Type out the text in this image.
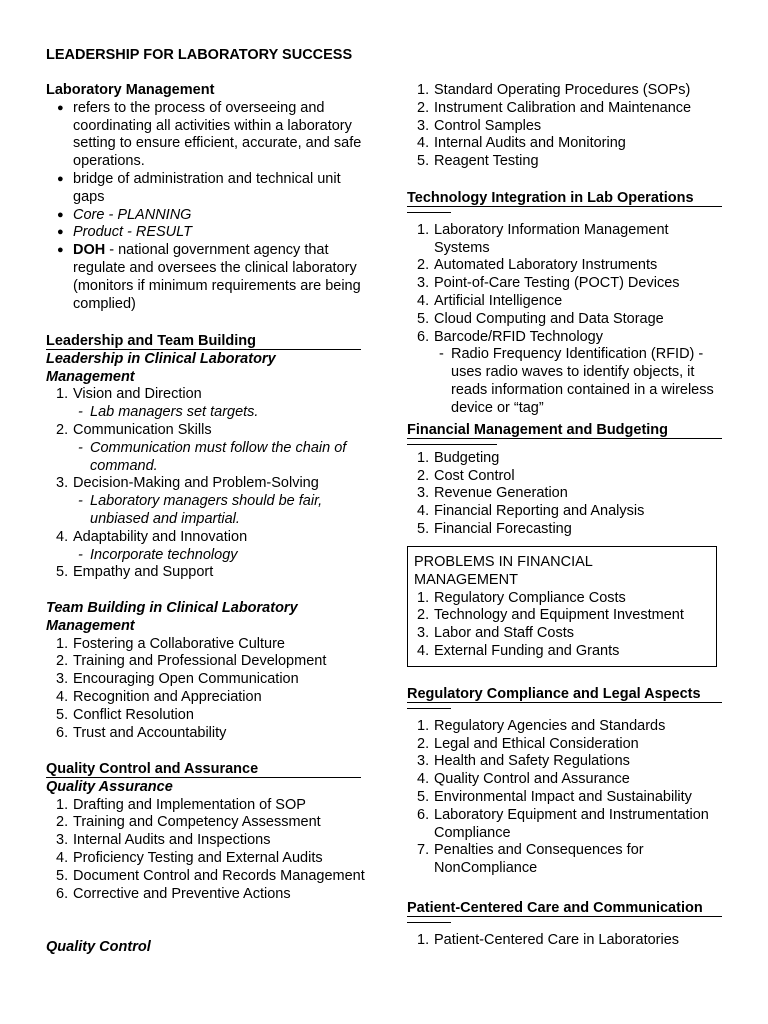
LEADERSHIP FOR LABORATORY SUCCESS
Laboratory Management
● refers to the process of overseeing and coordinating all activities within a laboratory setting to ensure efficient, accurate, and safe operations.
● bridge of administration and technical unit gaps
● Core - PLANNING
● Product - RESULT
● DOH - national government agency that regulate and oversees the clinical laboratory (monitors if minimum requirements are being complied)
Leadership and Team Building
Leadership in Clinical Laboratory Management
1. Vision and Direction
- Lab managers set targets.
2. Communication Skills
- Communication must follow the chain of command.
3. Decision-Making and Problem-Solving
- Laboratory managers should be fair, unbiased and impartial.
4. Adaptability and Innovation
- Incorporate technology
5. Empathy and Support
Team Building in Clinical Laboratory Management
1. Fostering a Collaborative Culture
2. Training and Professional Development
3. Encouraging Open Communication
4. Recognition and Appreciation
5. Conflict Resolution
6. Trust and Accountability
Quality Control and Assurance
Quality Assurance
1. Drafting and Implementation of SOP
2. Training and Competency Assessment
3. Internal Audits and Inspections
4. Proficiency Testing and External Audits
5. Document Control and Records Management
6. Corrective and Preventive Actions
Quality Control
1. Standard Operating Procedures (SOPs)
2. Instrument Calibration and Maintenance
3. Control Samples
4. Internal Audits and Monitoring
5. Reagent Testing
Technology Integration in Lab Operations
1. Laboratory Information Management Systems
2. Automated Laboratory Instruments
3. Point-of-Care Testing (POCT) Devices
4. Artificial Intelligence
5. Cloud Computing and Data Storage
6. Barcode/RFID Technology
- Radio Frequency Identification (RFID) - uses radio waves to identify objects, it reads information contained in a wireless device or “tag”
Financial Management and Budgeting
1. Budgeting
2. Cost Control
3. Revenue Generation
4. Financial Reporting and Analysis
5. Financial Forecasting
PROBLEMS IN FINANCIAL MANAGEMENT
1. Regulatory Compliance Costs
2. Technology and Equipment Investment
3. Labor and Staff Costs
4. External Funding and Grants
Regulatory Compliance and Legal Aspects
1. Regulatory Agencies and Standards
2. Legal and Ethical Consideration
3. Health and Safety Regulations
4. Quality Control and Assurance
5. Environmental Impact and Sustainability
6. Laboratory Equipment and Instrumentation Compliance
7. Penalties and Consequences for NonCompliance
Patient-Centered Care and Communication
1. Patient-Centered Care in Laboratories
